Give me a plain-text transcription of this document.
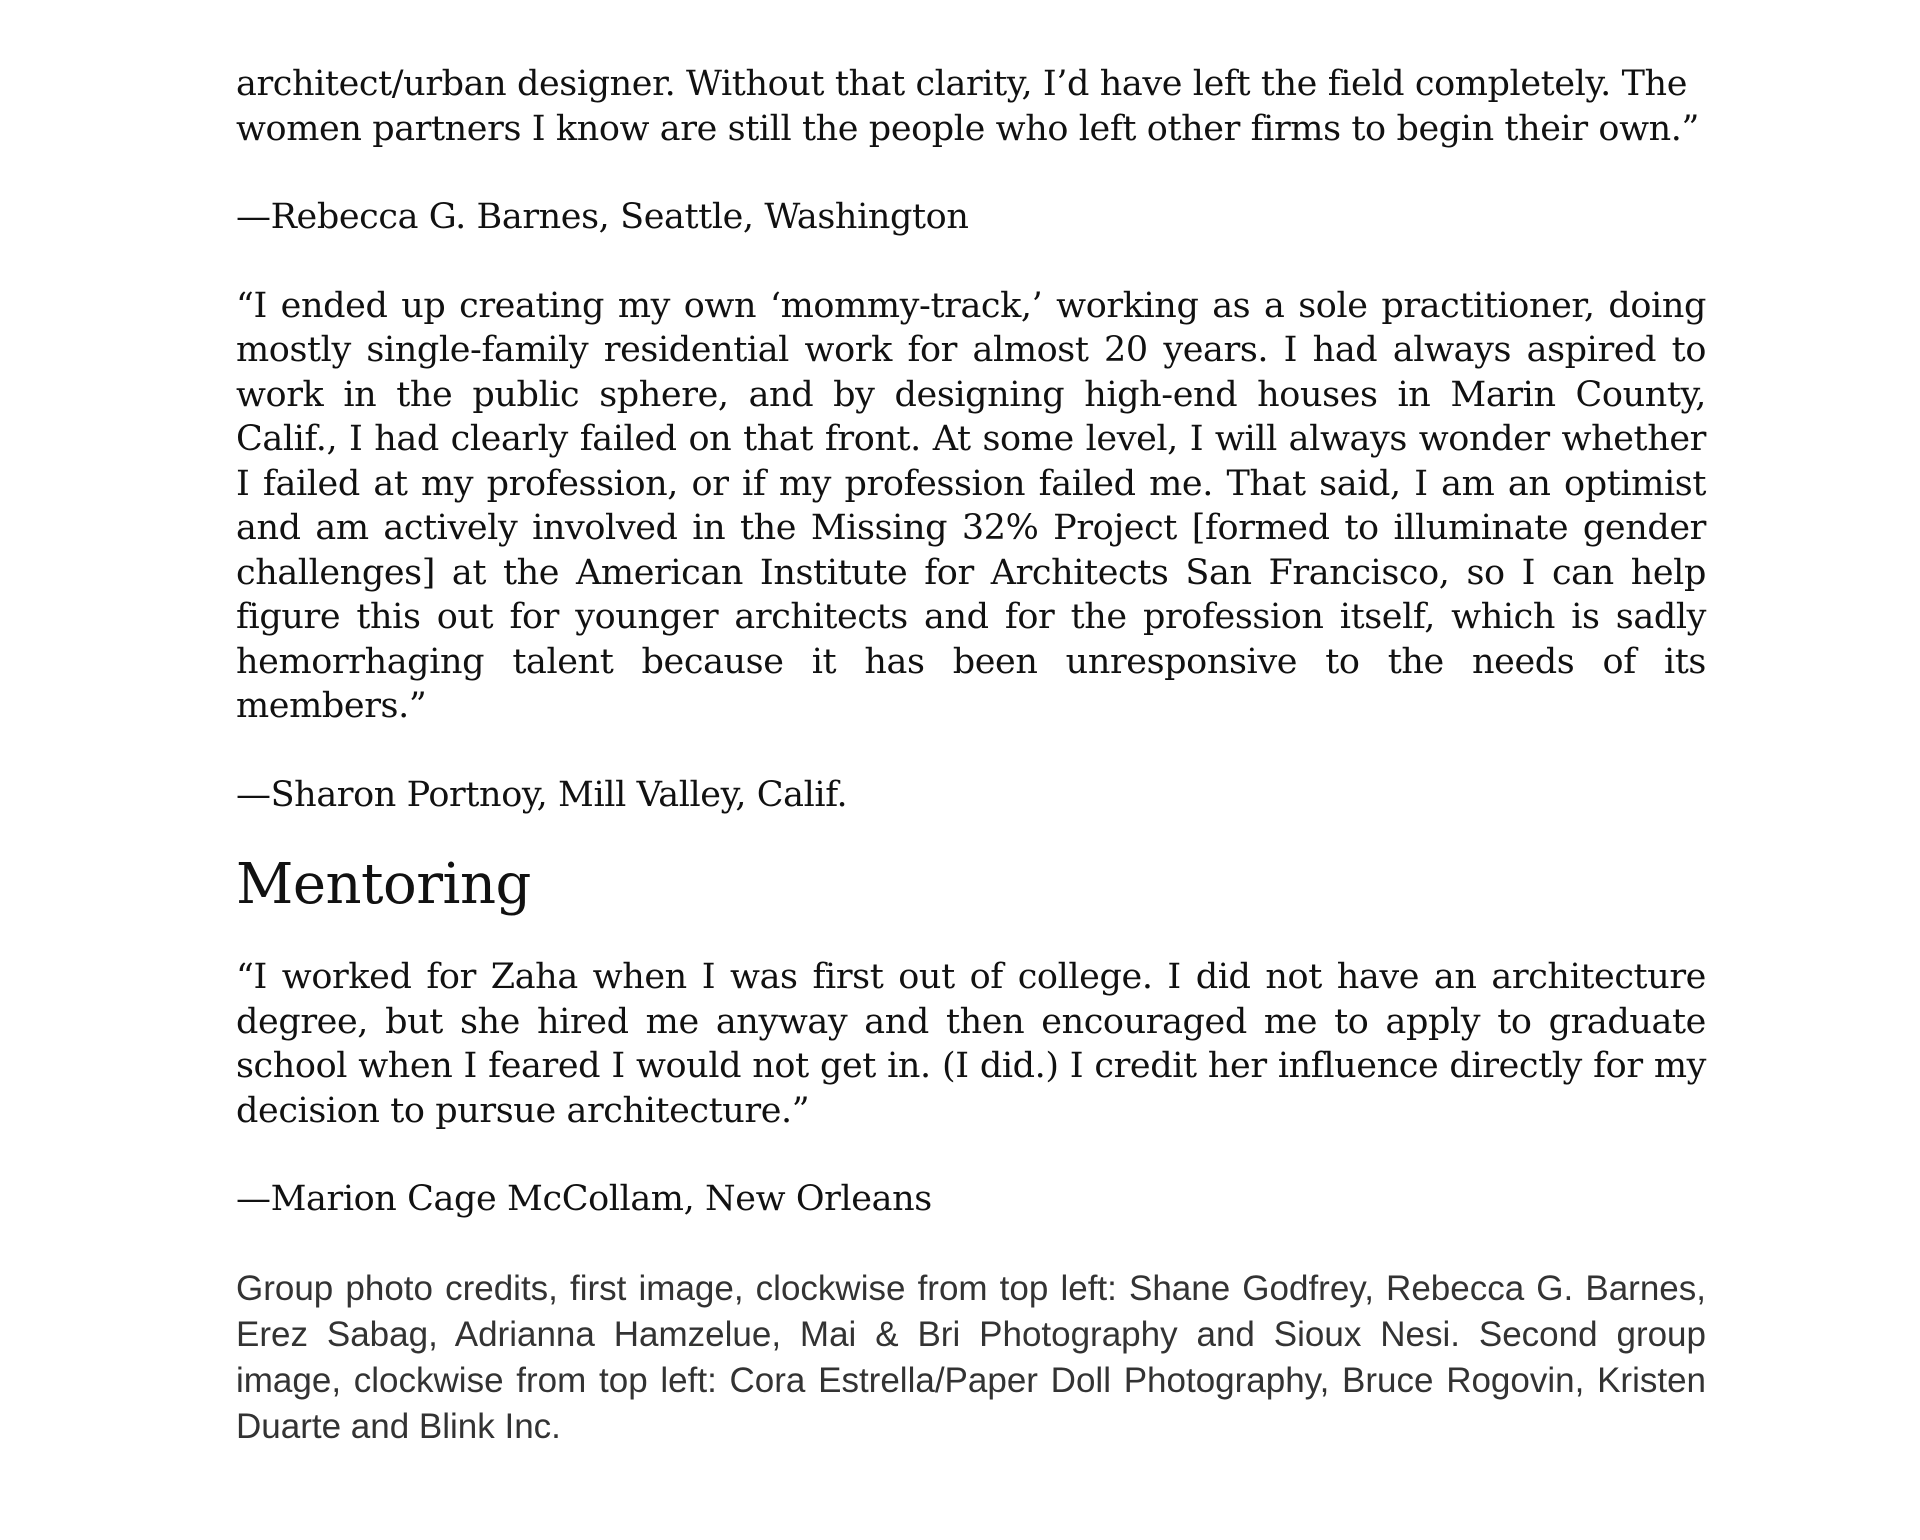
architect/urban designer. Without that clarity, I’d have left the field completely. The women partners I know are still the people who left other firms to begin their own.”

—Rebecca G. Barnes, Seattle, Washington

“I ended up creating my own ‘mommy-track,’ working as a sole practitioner, doing mostly single-family residential work for almost 20 years. I had always aspired to work in the public sphere, and by designing high-end houses in Marin County, Calif., I had clearly failed on that front. At some level, I will always wonder whether I failed at my profession, or if my profession failed me. That said, I am an optimist and am actively involved in the Missing 32% Project [formed to illuminate gender challenges] at the American Institute for Architects San Francisco, so I can help figure this out for younger architects and for the profession itself, which is sadly hemorrhaging talent because it has been unresponsive to the needs of its members.”

—Sharon Portnoy, Mill Valley, Calif.

Mentoring

“I worked for Zaha when I was first out of college. I did not have an architecture degree, but she hired me anyway and then encouraged me to apply to graduate school when I feared I would not get in. (I did.) I credit her influence directly for my decision to pursue architecture.”

—Marion Cage McCollam, New Orleans

Group photo credits, first image, clockwise from top left: Shane Godfrey, Rebecca G. Barnes, Erez Sabag, Adrianna Hamzelue, Mai & Bri Photography and Sioux Nesi. Second group image, clockwise from top left: Cora Estrella/Paper Doll Photography, Bruce Rogovin, Kristen Duarte and Blink Inc.
